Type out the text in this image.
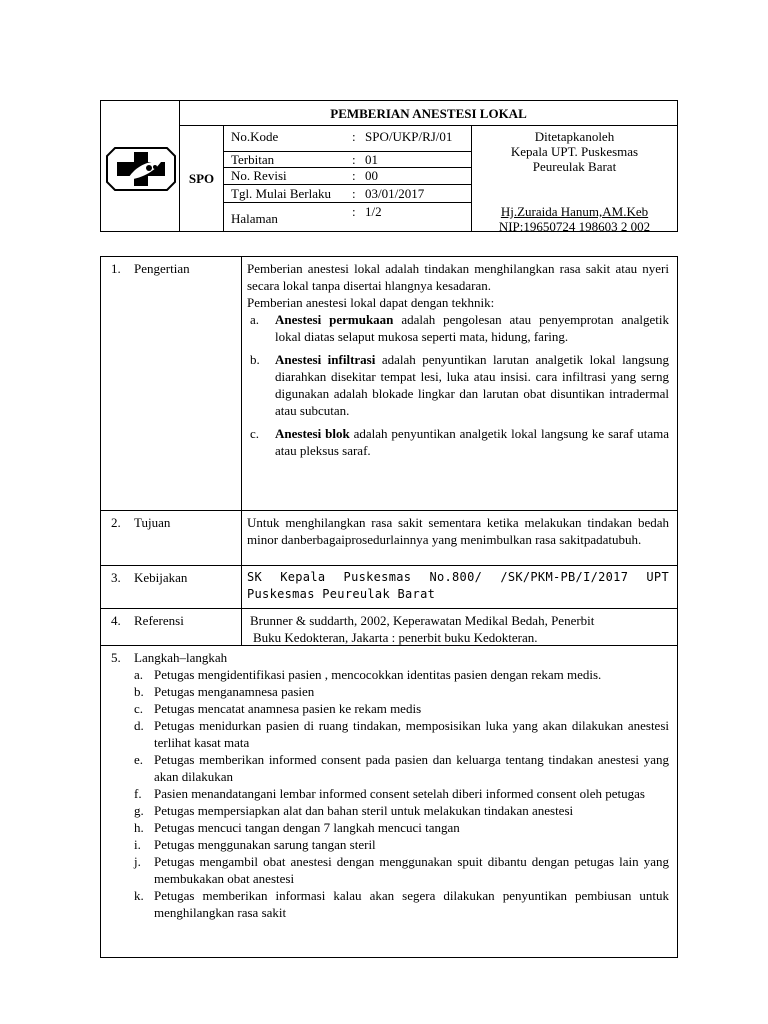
PEMBERIAN ANESTESI LOKAL
SPO
No.Kode	: SPO/UKP/RJ/01
Terbitan	: 01
No. Revisi	: 00
Tgl. Mulai Berlaku : 03/01/2017
Halaman	: 1/2
Ditetapkanoleh
Kepala UPT. Puskesmas
Peureulak Barat
Hj.Zuraida Hanum,AM.Keb
NIP:19650724 198603 2 002
1. Pengertian	Pemberian anestesi lokal adalah tindakan menghilangkan rasa sakit atau nyeri secara lokal tanpa disertai hlangnya kesadaran.

Pemberian anestesi lokal dapat dengan tekhnik:

a. Anestesi permukaan adalah pengolesan atau penyemprotan analgetik lokal diatas selaput mukosa seperti mata, hidung, faring.

b. Anestesi infiltrasi adalah penyuntikan larutan analgetik lokal langsung diarahkan disekitar tempat lesi, luka atau insisi. cara infiltrasi yang serng digunakan adalah blokade lingkar dan larutan obat disuntikan intradermal atau subcutan.

c. Anestesi blok adalah penyuntikan analgetik lokal langsung ke saraf utama atau pleksus saraf.

2. Tujuan	Untuk menghilangkan rasa sakit sementara ketika melakukan tindakan bedah minor danberbagaiprosedurlainnya yang menimbulkan rasa sakitpadatubuh.
3. Kebijakan	SK Kepala Puskesmas No.800/ /SK/PKM-PB/I/2017 UPT Puskesmas Peureulak Barat
4. Referensi	Brunner & suddarth, 2002, Keperawatan Medikal Bedah, Penerbit
Buku Kedokteran, Jakarta : penerbit buku Kedokteran.
5. Langkah–langkah
a. Petugas mengidentifikasi pasien , mencocokkan identitas pasien dengan rekam medis.
b. Petugas menganamnesa pasien
c. Petugas mencatat anamnesa pasien ke rekam medis
d. Petugas menidurkan pasien di ruang tindakan, memposisikan luka yang akan dilakukan anestesi terlihat kasat mata
e. Petugas memberikan informed consent pada pasien dan keluarga tentang tindakan anestesi yang akan dilakukan
f. Pasien menandatangani lembar informed consent setelah diberi informed consent oleh petugas
g. Petugas mempersiapkan alat dan bahan steril untuk melakukan tindakan anestesi
h. Petugas mencuci tangan dengan 7 langkah mencuci tangan
i. Petugas menggunakan sarung tangan steril
j. Petugas mengambil obat anestesi dengan menggunakan spuit dibantu dengan petugas lain yang membukakan obat anestesi
k. Petugas memberikan informasi kalau akan segera dilakukan penyuntikan pembiusan untuk menghilangkan rasa sakit
